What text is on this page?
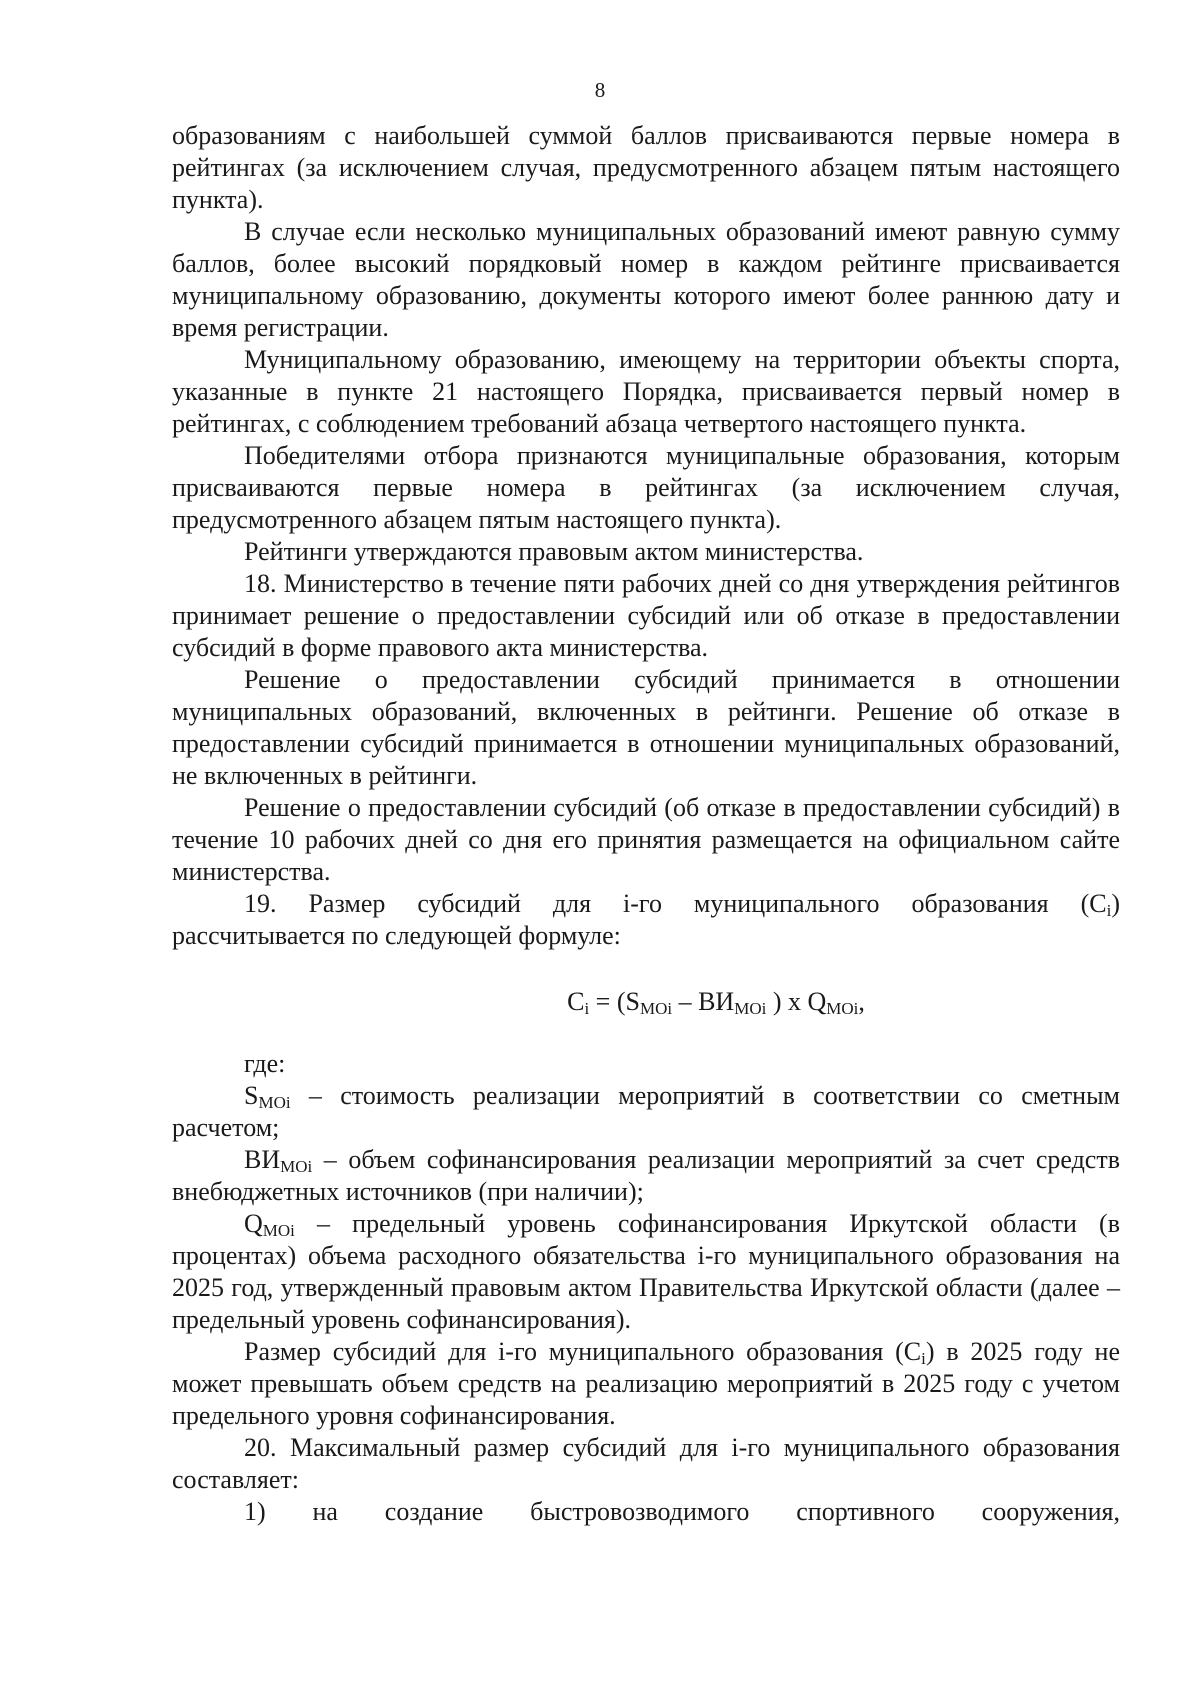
8

образованиям с наибольшей суммой баллов присваиваются первые номера в рейтингах (за исключением случая, предусмотренного абзацем пятым настоящего пункта).

В случае если несколько муниципальных образований имеют равную сумму баллов, более высокий порядковый номер в каждом рейтинге присваивается муниципальному образованию, документы которого имеют более раннюю дату и время регистрации.

Муниципальному образованию, имеющему на территории объекты спорта, указанные в пункте 21 настоящего Порядка, присваивается первый номер в рейтингах, с соблюдением требований абзаца четвертого настоящего пункта.

Победителями отбора признаются муниципальные образования, которым присваиваются первые номера в рейтингах (за исключением случая, предусмотренного абзацем пятым настоящего пункта).

Рейтинги утверждаются правовым актом министерства.

18. Министерство в течение пяти рабочих дней со дня утверждения рейтингов принимает решение о предоставлении субсидий или об отказе в предоставлении субсидий в форме правового акта министерства.

Решение о предоставлении субсидий принимается в отношении муниципальных образований, включенных в рейтинги. Решение об отказе в предоставлении субсидий принимается в отношении муниципальных образований, не включенных в рейтинги.

Решение о предоставлении субсидий (об отказе в предоставлении субсидий) в течение 10 рабочих дней со дня его принятия размещается на официальном сайте министерства.

19. Размер субсидий для i-го муниципального образования $(C_i)$ рассчитывается по следующей формуле:

$C_i = (S_{MOi} - ВИ_{MOi}$ ) x $Q_{MOi}$,

где:

$S_{MOi}$ – стоимость реализации мероприятий в соответствии со сметным расчетом;

$ВИ_{MOi}$ – объем софинансирования реализации мероприятий за счет средств внебюджетных источников (при наличии);

$Q_{MOi}$ – предельный уровень софинансирования Иркутской области (в процентах) объема расходного обязательства i-го муниципального образования на 2025 год, утвержденный правовым актом Правительства Иркутской области (далее – предельный уровень софинансирования).

Размер субсидий для i-го муниципального образования $(C_i)$ в 2025 году не может превышать объем средств на реализацию мероприятий в 2025 году с учетом предельного уровня софинансирования.

20. Максимальный размер субсидий для i-го муниципального образования составляет:

1) на создание быстровозводимого спортивного сооружения,
